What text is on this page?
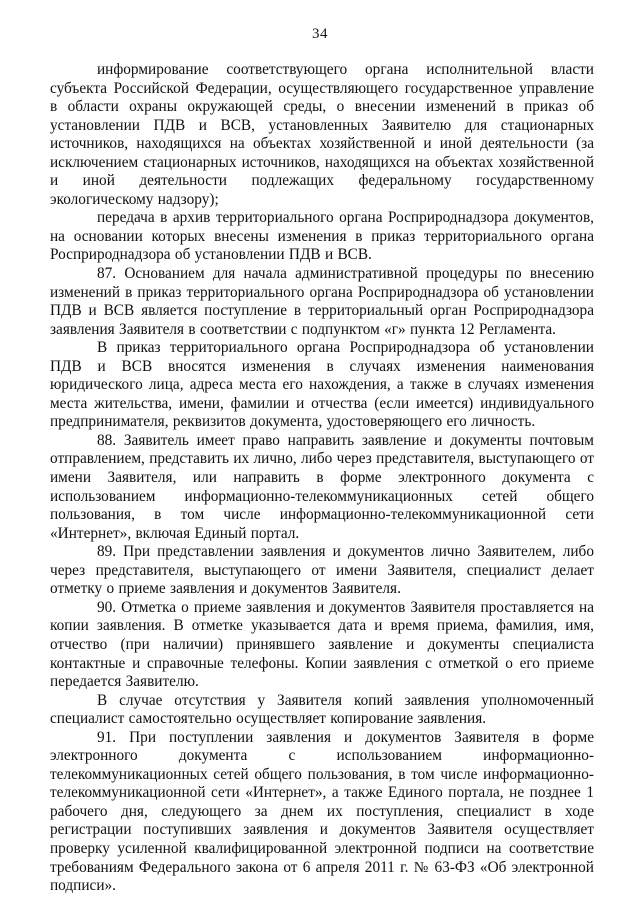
34

информирование соответствующего органа исполнительной власти субъекта Российской Федерации, осуществляющего государственное управление в области охраны окружающей среды, о внесении изменений в приказ об установлении ПДВ и ВСВ, установленных Заявителю для стационарных источников, находящихся на объектах хозяйственной и иной деятельности (за исключением стационарных источников, находящихся на объектах хозяйственной и иной деятельности подлежащих федеральному государственному экологическому надзору);

передача в архив территориального органа Росприроднадзора документов, на основании которых внесены изменения в приказ территориального органа Росприроднадзора об установлении ПДВ и ВСВ.

87. Основанием для начала административной процедуры по внесению изменений в приказ территориального органа Росприроднадзора об установлении ПДВ и ВСВ является поступление в территориальный орган Росприроднадзора заявления Заявителя в соответствии с подпунктом «г» пункта 12 Регламента.

В приказ территориального органа Росприроднадзора об установлении ПДВ и ВСВ вносятся изменения в случаях изменения наименования юридического лица, адреса места его нахождения, а также в случаях изменения места жительства, имени, фамилии и отчества (если имеется) индивидуального предпринимателя, реквизитов документа, удостоверяющего его личность.

88. Заявитель имеет право направить заявление и документы почтовым отправлением, представить их лично, либо через представителя, выступающего от имени Заявителя, или направить в форме электронного документа с использованием информационно-телекоммуникационных сетей общего пользования, в том числе информационно-телекоммуникационной сети «Интернет», включая Единый портал.

89. При представлении заявления и документов лично Заявителем, либо через представителя, выступающего от имени Заявителя, специалист делает отметку о приеме заявления и документов Заявителя.

90. Отметка о приеме заявления и документов Заявителя проставляется на копии заявления. В отметке указывается дата и время приема, фамилия, имя, отчество (при наличии) принявшего заявление и документы специалиста контактные и справочные телефоны. Копии заявления с отметкой о его приеме передается Заявителю.

В случае отсутствия у Заявителя копий заявления уполномоченный специалист самостоятельно осуществляет копирование заявления.

91. При поступлении заявления и документов Заявителя в форме электронного документа с использованием информационно-телекоммуникационных сетей общего пользования, в том числе информационно-телекоммуникационной сети «Интернет», а также Единого портала, не позднее 1 рабочего дня, следующего за днем их поступления, специалист в ходе регистрации поступивших заявления и документов Заявителя осуществляет проверку усиленной квалифицированной электронной подписи на соответствие требованиям Федерального закона от 6 апреля 2011 г. № 63-ФЗ «Об электронной подписи».
